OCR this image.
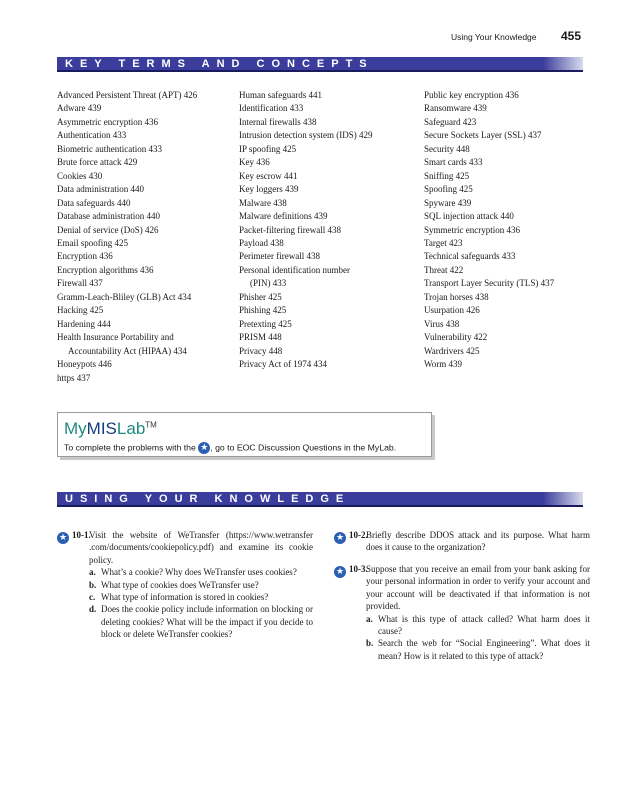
Using Your Knowledge 455
KEY TERMS AND CONCEPTS
Advanced Persistent Threat (APT) 426
Adware 439
Asymmetric encryption 436
Authentication 433
Biometric authentication 433
Brute force attack 429
Cookies 430
Data administration 440
Data safeguards 440
Database administration 440
Denial of service (DoS) 426
Email spoofing 425
Encryption 436
Encryption algorithms 436
Firewall 437
Gramm-Leach-Bliley (GLB) Act 434
Hacking 425
Hardening 444
Health Insurance Portability and
Accountability Act (HIPAA) 434
Honeypots 446
https 437
Human safeguards 441
Identification 433
Internal firewalls 438
Intrusion detection system (IDS) 429
IP spoofing 425
Key 436
Key escrow 441
Key loggers 439
Malware 438
Malware definitions 439
Packet-filtering firewall 438
Payload 438
Perimeter firewall 438
Personal identification number
(PIN) 433
Phisher 425
Phishing 425
Pretexting 425
PRISM 448
Privacy 448
Privacy Act of 1974 434
Public key encryption 436
Ransomware 439
Safeguard 423
Secure Sockets Layer (SSL) 437
Security 448
Smart cards 433
Sniffing 425
Spoofing 425
Spyware 439
SQL injection attack 440
Symmetric encryption 436
Target 423
Technical safeguards 433
Threat 422
Transport Layer Security (TLS) 437
Trojan horses 438
Usurpation 426
Virus 438
Vulnerability 422
Wardrivers 425
Worm 439
MyMISLab™
To complete the problems with the ★ , go to EOC Discussion Questions in the MyLab.
USING YOUR KNOWLEDGE
★ 10-1.
Visit the website of WeTransfer (https://www.wetransfer .com/documents/cookiepolicy.pdf) and examine its cookie policy.
a. What’s a cookie? Why does WeTransfer uses cookies?
b. What type of cookies does WeTransfer use?
c. What type of information is stored in cookies?
d. Does the cookie policy include information on blocking or deleting cookies? What will be the impact if you decide to block or delete WeTransfer cookies?
★ 10-2.
Briefly describe DDOS attack and its purpose. What harm does it cause to the organization?
★ 10-3.
Suppose that you receive an email from your bank asking for your personal information in order to verify your account and your account will be deactivated if that information is not provided.
a. What is this type of attack called? What harm does it cause?
b. Search the web for “Social Engineering”. What does it mean? How is it related to this type of attack?
